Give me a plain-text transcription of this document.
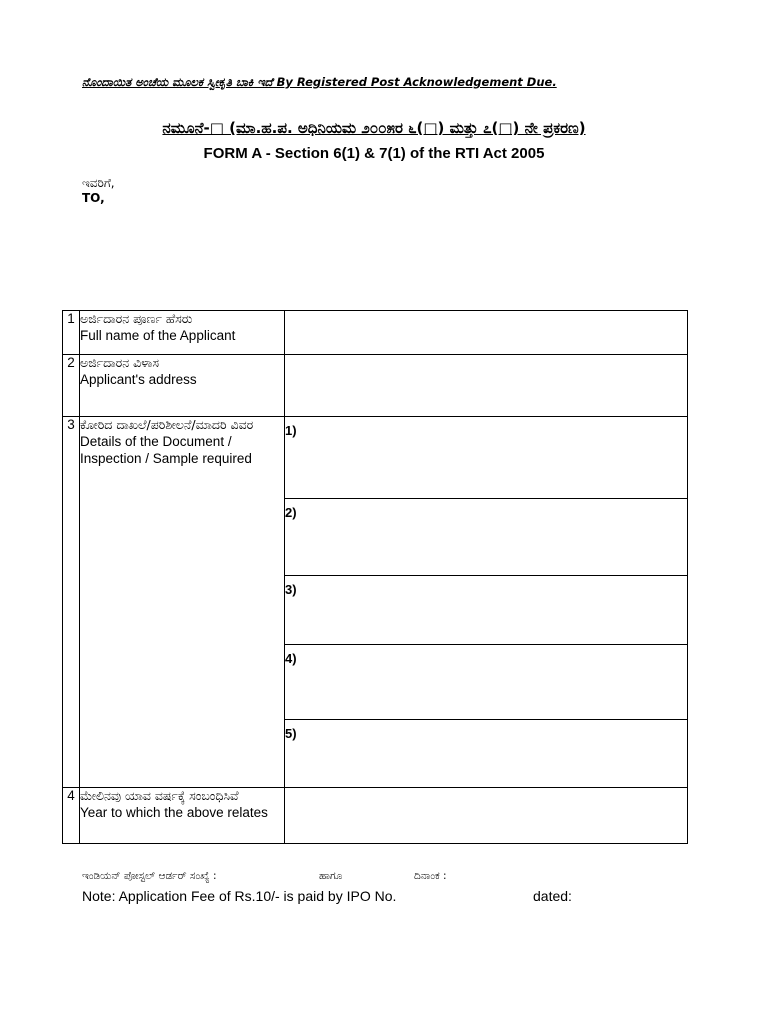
ನೊಂದಾಯಿತ ಅಂಚೆಯ ಮೂಲಕ ಸ್ವೀಕೃತಿ ಬಾಕಿ ಇದೆ By Registered Post Acknowledgement Due.
ನಮೂನೆ-□ (ಮಾ.ಹ.ಪ. ಅಧಿನಿಯಮ ೨೦೦೫ರ ೬(□) ಮತ್ತು ೭(□) ನೇ ಪ್ರಕರಣ)
FORM A - Section 6(1) & 7(1) of the RTI Act 2005
ಇವರಿಗೆ,
TO,
1	ಅರ್ಜಿದಾರನ ಪೂರ್ಣ ಹೆಸರು
Full name of the Applicant	

2	ಅರ್ಜಿದಾರನ ವಿಳಾಸ
Applicant's address	

3	ಕೋರಿದ ದಾಖಲೆ/ಪರಿಶೀಲನೆ/ಮಾದರಿ ವಿವರ
Details of the Document / Inspection / Sample required	1)

		2)

		3)

		4)

		5)

4	ಮೇಲಿನವು ಯಾವ ವರ್ಷಕ್ಕೆ ಸಂಬಂಧಿಸಿವೆ
Year to which the above relates	

ಇಂಡಿಯನ್ ಪೋಸ್ಟಲ್ ಆರ್ಡರ್ ಸಂಖ್ಯೆ :	ಹಾಗೂ	ದಿನಾಂಕ :
Note: Application Fee of Rs.10/- is paid by IPO No.	dated:
